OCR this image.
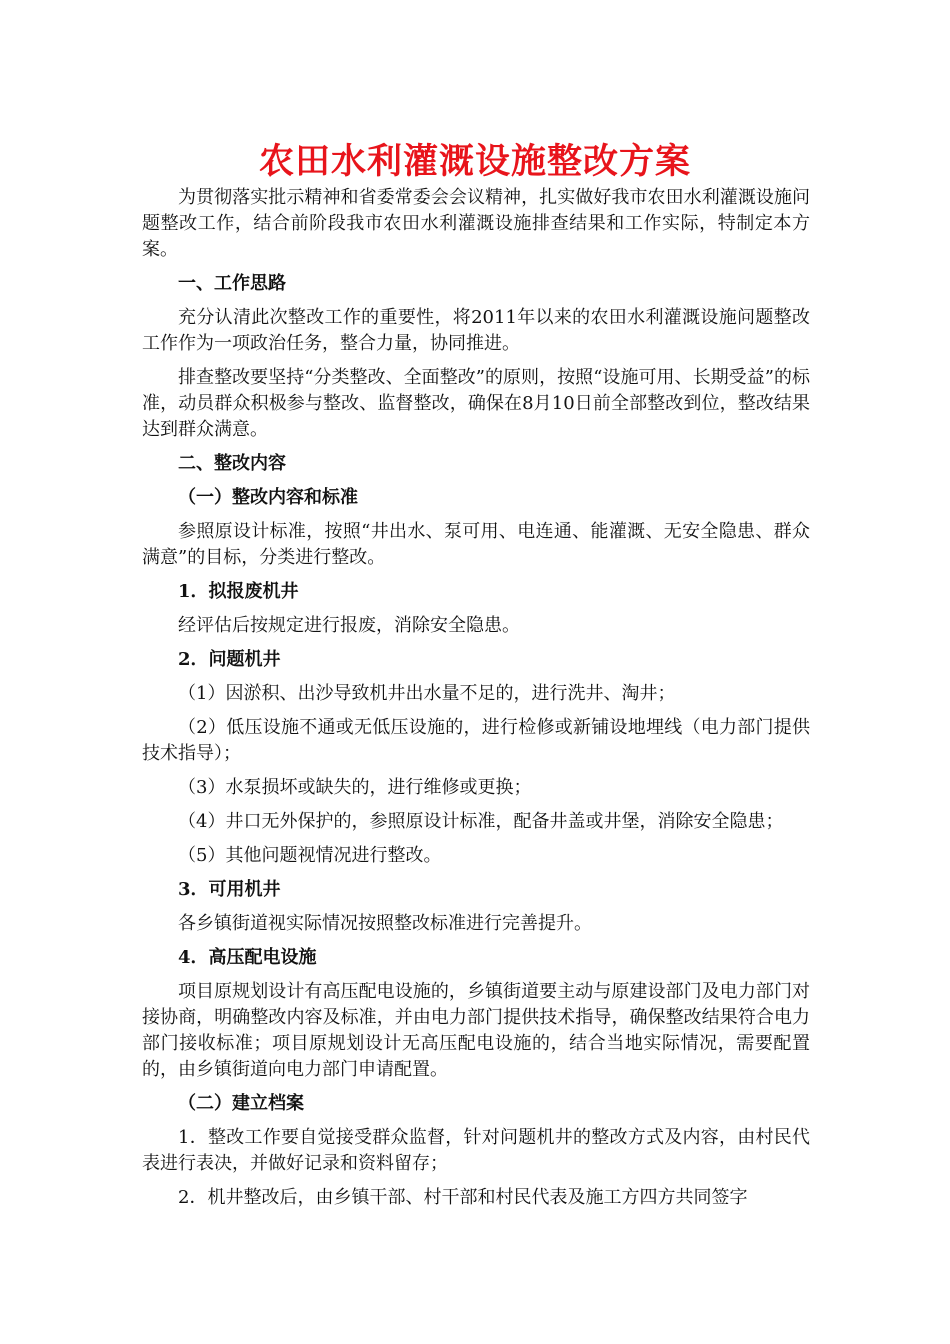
农田水利灌溉设施整改方案

为贯彻落实批示精神和省委常委会会议精神，扎实做好我市农田水利灌溉设施问题整改工作，结合前阶段我市农田水利灌溉设施排查结果和工作实际，特制定本方案。

一、工作思路

充分认清此次整改工作的重要性，将2011年以来的农田水利灌溉设施问题整改工作作为一项政治任务，整合力量，协同推进。

排查整改要坚持“分类整改、全面整改”的原则，按照“设施可用、长期受益”的标准，动员群众积极参与整改、监督整改，确保在8月10日前全部整改到位，整改结果达到群众满意。

二、整改内容

（一）整改内容和标准

参照原设计标准，按照“井出水、泵可用、电连通、能灌溉、无安全隐患、群众满意”的目标，分类进行整改。

1．拟报废机井

经评估后按规定进行报废，消除安全隐患。

2．问题机井

（1）因淤积、出沙导致机井出水量不足的，进行洗井、淘井；

（2）低压设施不通或无低压设施的，进行检修或新铺设地埋线（电力部门提供技术指导）；

（3）水泵损坏或缺失的，进行维修或更换；

（4）井口无外保护的，参照原设计标准，配备井盖或井堡，消除安全隐患；

（5）其他问题视情况进行整改。

3．可用机井

各乡镇街道视实际情况按照整改标准进行完善提升。

4．高压配电设施

项目原规划设计有高压配电设施的，乡镇街道要主动与原建设部门及电力部门对接协商，明确整改内容及标准，并由电力部门提供技术指导，确保整改结果符合电力部门接收标准；项目原规划设计无高压配电设施的，结合当地实际情况，需要配置的，由乡镇街道向电力部门申请配置。

（二）建立档案

1．整改工作要自觉接受群众监督，针对问题机井的整改方式及内容，由村民代表进行表决，并做好记录和资料留存；

2．机井整改后，由乡镇干部、村干部和村民代表及施工方四方共同签字
